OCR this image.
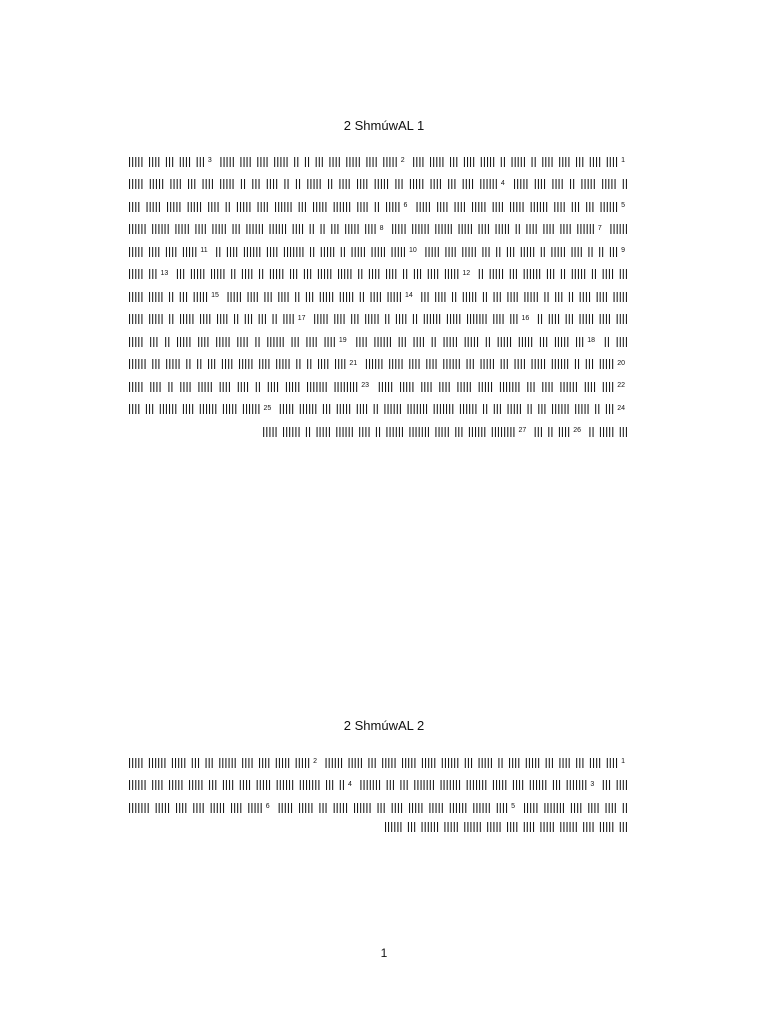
2 ShmúwAL 1
$^1$ꟾꟾꟾꟾ ꟾꟾꟾꟾꟾ ꟾꟾꟾ ꟾꟾꟾꟾ ꟾꟾꟾꟾꟾ ꟾꟾ ꟾꟾꟾꟾꟾ ꟾꟾ ꟾꟾꟾꟾ ꟾꟾꟾꟾ ꟾꟾꟾ ꟾꟾꟾꟾ ꟾꟾꟾꟾ $^2$ꟾꟾꟾꟾꟾ ꟾꟾꟾꟾ ꟾꟾꟾꟾ ꟾꟾꟾꟾꟾ ꟾꟾ ꟾꟾ ꟾꟾꟾ ꟾꟾꟾꟾ ꟾꟾꟾꟾꟾ ꟾꟾꟾꟾ ꟾꟾꟾꟾꟾ $^3$ꟾꟾꟾꟾꟾ ꟾꟾꟾꟾ ꟾꟾꟾ ꟾꟾꟾꟾ ꟾꟾꟾ ꟾꟾꟾꟾꟾ ꟾꟾꟾꟾ ꟾꟾꟾꟾ ꟾꟾ ꟾꟾꟾꟾꟾ ꟾꟾꟾꟾꟾ ꟾꟾ $^4$ꟾꟾꟾꟾꟾ ꟾꟾꟾꟾꟾ ꟾꟾꟾꟾ ꟾꟾꟾ ꟾꟾꟾꟾ ꟾꟾꟾꟾꟾ ꟾꟾ ꟾꟾꟾ ꟾꟾꟾꟾ ꟾꟾ ꟾꟾ ꟾꟾꟾꟾꟾ ꟾꟾ ꟾꟾꟾꟾ ꟾꟾꟾꟾ ꟾꟾꟾꟾꟾ ꟾꟾꟾ ꟾꟾꟾꟾꟾ ꟾꟾꟾꟾ ꟾꟾꟾ ꟾꟾꟾꟾ ꟾꟾꟾꟾꟾꟾ $^5$ꟾꟾꟾꟾꟾ ꟾꟾꟾꟾ ꟾꟾꟾꟾ ꟾꟾꟾꟾꟾ ꟾꟾꟾꟾ ꟾꟾꟾꟾꟾ ꟾꟾꟾꟾꟾꟾ ꟾꟾꟾꟾ ꟾꟾꟾ ꟾꟾꟾ ꟾꟾꟾꟾꟾꟾ $^6$ꟾꟾꟾꟾ ꟾꟾꟾꟾꟾ ꟾꟾꟾꟾꟾ ꟾꟾꟾꟾꟾ ꟾꟾꟾꟾ ꟾꟾ ꟾꟾꟾꟾꟾ ꟾꟾꟾꟾ ꟾꟾꟾꟾꟾꟾ ꟾꟾꟾ ꟾꟾꟾꟾꟾ ꟾꟾꟾꟾꟾꟾ ꟾꟾꟾꟾ ꟾꟾ ꟾꟾꟾꟾꟾ ꟾꟾꟾꟾꟾꟾ $^7$ꟾꟾꟾꟾꟾ ꟾꟾꟾꟾꟾꟾ ꟾꟾꟾꟾꟾꟾ ꟾꟾꟾꟾꟾ ꟾꟾꟾꟾ ꟾꟾꟾꟾꟾ ꟾꟾ ꟾꟾꟾꟾ ꟾꟾꟾꟾ ꟾꟾꟾꟾ ꟾꟾꟾꟾꟾꟾ $^8$ꟾꟾꟾꟾꟾꟾ ꟾꟾꟾꟾꟾꟾ ꟾꟾꟾꟾꟾ ꟾꟾꟾꟾ ꟾꟾꟾꟾꟾ ꟾꟾꟾ ꟾꟾꟾꟾꟾꟾ ꟾꟾꟾꟾꟾꟾ ꟾꟾꟾꟾ ꟾꟾ ꟾꟾ ꟾꟾꟾ ꟾꟾꟾꟾꟾ ꟾꟾꟾꟾ $^9$ꟾꟾꟾꟾꟾ ꟾꟾꟾꟾ ꟾꟾꟾꟾꟾ ꟾꟾꟾ ꟾꟾ ꟾꟾꟾ ꟾꟾꟾꟾꟾ ꟾꟾ ꟾꟾꟾꟾꟾ ꟾꟾꟾꟾ ꟾꟾ ꟾꟾ ꟾꟾꟾ $^{10}$ꟾꟾ ꟾꟾꟾꟾ ꟾꟾꟾꟾꟾꟾ ꟾꟾꟾꟾ ꟾꟾꟾꟾꟾꟾꟾ ꟾꟾ ꟾꟾꟾꟾꟾ ꟾꟾ ꟾꟾꟾꟾꟾ ꟾꟾꟾꟾꟾ ꟾꟾꟾꟾꟾ $^{11}$ꟾꟾꟾꟾꟾ ꟾꟾꟾꟾ ꟾꟾꟾꟾ ꟾꟾꟾꟾꟾ ꟾꟾ ꟾꟾꟾꟾꟾ ꟾꟾꟾ ꟾꟾꟾꟾꟾꟾ ꟾꟾꟾ ꟾꟾ ꟾꟾꟾꟾꟾ ꟾꟾ ꟾꟾꟾꟾ ꟾꟾꟾ $^{12}$ꟾꟾꟾ ꟾꟾꟾꟾꟾ ꟾꟾꟾꟾꟾ ꟾꟾ ꟾꟾꟾꟾ ꟾꟾ ꟾꟾꟾꟾꟾ ꟾꟾꟾ ꟾꟾꟾ ꟾꟾꟾꟾꟾ ꟾꟾꟾꟾꟾ ꟾꟾ ꟾꟾꟾꟾ ꟾꟾꟾꟾ ꟾꟾ ꟾꟾꟾ ꟾꟾꟾꟾ ꟾꟾꟾꟾꟾ $^{13}$ꟾꟾꟾꟾꟾ ꟾꟾꟾ ꟾꟾꟾ ꟾꟾꟾꟾ ꟾꟾ ꟾꟾꟾꟾꟾ ꟾꟾ ꟾꟾꟾ ꟾꟾꟾꟾ ꟾꟾꟾꟾꟾ ꟾꟾ ꟾꟾꟾ ꟾꟾ ꟾꟾꟾꟾ ꟾꟾꟾꟾ ꟾꟾꟾꟾꟾ $^{14}$ꟾꟾꟾꟾꟾ ꟾꟾꟾꟾ ꟾꟾꟾ ꟾꟾꟾꟾ ꟾꟾ ꟾꟾꟾ ꟾꟾꟾꟾꟾ ꟾꟾꟾꟾꟾ ꟾꟾ ꟾꟾꟾꟾ ꟾꟾꟾꟾꟾ $^{15}$ꟾꟾꟾꟾꟾ ꟾꟾꟾꟾꟾ ꟾꟾ ꟾꟾꟾ ꟾꟾꟾꟾꟾ ꟾꟾ ꟾꟾꟾꟾ ꟾꟾꟾ ꟾꟾꟾꟾꟾ ꟾꟾꟾꟾ ꟾꟾꟾꟾ $^{16}$ꟾꟾꟾꟾꟾ ꟾꟾꟾꟾ ꟾꟾꟾ ꟾꟾꟾꟾꟾ ꟾꟾ ꟾꟾꟾꟾ ꟾꟾ ꟾꟾꟾꟾꟾꟾ ꟾꟾꟾꟾꟾ ꟾꟾꟾꟾꟾꟾꟾ ꟾꟾꟾꟾ ꟾꟾꟾ $^{17}$ꟾꟾꟾꟾꟾ ꟾꟾꟾꟾꟾ ꟾꟾ ꟾꟾꟾꟾꟾ ꟾꟾꟾꟾ ꟾꟾꟾꟾ ꟾꟾ ꟾꟾꟾ ꟾꟾꟾ ꟾꟾ ꟾꟾꟾꟾ ꟾꟾ ꟾꟾꟾꟾ $^{18}$ꟾꟾꟾꟾ ꟾꟾꟾꟾꟾꟾ ꟾꟾꟾ ꟾꟾꟾꟾ ꟾꟾ ꟾꟾꟾꟾꟾ ꟾꟾꟾꟾꟾ ꟾꟾ ꟾꟾꟾꟾꟾ ꟾꟾꟾꟾꟾ ꟾꟾꟾ ꟾꟾꟾꟾꟾ ꟾꟾꟾ $^{19}$ꟾꟾꟾꟾꟾ ꟾꟾꟾ ꟾꟾ ꟾꟾꟾꟾꟾ ꟾꟾꟾꟾ ꟾꟾꟾꟾꟾ ꟾꟾꟾꟾ ꟾꟾ ꟾꟾꟾꟾꟾꟾ ꟾꟾꟾ ꟾꟾꟾꟾ ꟾꟾꟾꟾ $^{20}$ꟾꟾꟾꟾꟾꟾ ꟾꟾꟾꟾꟾ ꟾꟾꟾꟾ ꟾꟾꟾꟾ ꟾꟾꟾꟾꟾꟾ ꟾꟾꟾ ꟾꟾꟾꟾꟾ ꟾꟾꟾ ꟾꟾꟾꟾ ꟾꟾꟾꟾꟾ ꟾꟾꟾꟾꟾꟾ ꟾꟾ ꟾꟾꟾ ꟾꟾꟾꟾꟾ $^{21}$ꟾꟾꟾꟾꟾꟾ ꟾꟾꟾ ꟾꟾꟾꟾꟾ ꟾꟾ ꟾꟾ ꟾꟾꟾ ꟾꟾꟾꟾ ꟾꟾꟾꟾꟾ ꟾꟾꟾꟾ ꟾꟾꟾꟾꟾ ꟾꟾ ꟾꟾ ꟾꟾꟾꟾ ꟾꟾꟾꟾ $^{22}$ꟾꟾꟾꟾꟾ ꟾꟾꟾꟾꟾ ꟾꟾꟾꟾ ꟾꟾꟾꟾ ꟾꟾꟾꟾꟾ ꟾꟾꟾꟾꟾ ꟾꟾꟾꟾꟾꟾꟾ ꟾꟾꟾ ꟾꟾꟾꟾ ꟾꟾꟾꟾꟾꟾ ꟾꟾꟾꟾ ꟾꟾꟾꟾ $^{23}$ꟾꟾꟾꟾꟾ ꟾꟾꟾꟾ ꟾꟾ ꟾꟾꟾꟾ ꟾꟾꟾꟾꟾ ꟾꟾꟾꟾ ꟾꟾꟾꟾ ꟾꟾ ꟾꟾꟾꟾ ꟾꟾꟾꟾꟾ ꟾꟾꟾꟾꟾꟾꟾ ꟾꟾꟾꟾꟾꟾꟾꟾ $^{24}$ꟾꟾꟾꟾꟾ ꟾꟾꟾꟾꟾꟾ ꟾꟾꟾ ꟾꟾꟾꟾꟾ ꟾꟾꟾꟾ ꟾꟾ ꟾꟾꟾꟾꟾꟾ ꟾꟾꟾꟾꟾꟾꟾ ꟾꟾꟾꟾꟾꟾꟾ ꟾꟾꟾꟾꟾꟾ ꟾꟾ ꟾꟾꟾ ꟾꟾꟾꟾꟾ ꟾꟾ ꟾꟾꟾ ꟾꟾꟾꟾꟾꟾ ꟾꟾꟾꟾꟾ ꟾꟾ ꟾꟾꟾ $^{25}$ꟾꟾꟾꟾ ꟾꟾꟾ ꟾꟾꟾꟾꟾꟾ ꟾꟾꟾꟾ ꟾꟾꟾꟾꟾꟾ ꟾꟾꟾꟾꟾ ꟾꟾꟾꟾꟾꟾ ꟾꟾ ꟾꟾꟾꟾꟾ ꟾꟾꟾ $^{26}$ꟾꟾꟾ ꟾꟾ ꟾꟾꟾꟾ $^{27}$ꟾꟾꟾꟾꟾ ꟾꟾꟾꟾꟾꟾ ꟾꟾ ꟾꟾꟾꟾꟾ ꟾꟾꟾꟾꟾꟾ ꟾꟾꟾꟾ ꟾꟾ ꟾꟾꟾꟾꟾꟾ ꟾꟾꟾꟾꟾꟾꟾ ꟾꟾꟾꟾꟾ ꟾꟾꟾ ꟾꟾꟾꟾꟾꟾ ꟾꟾꟾꟾꟾꟾꟾꟾ
2 ShmúwAL 2
$^1$ꟾꟾꟾꟾꟾꟾ ꟾꟾꟾꟾꟾ ꟾꟾꟾ ꟾꟾꟾꟾꟾ ꟾꟾꟾꟾꟾ ꟾꟾꟾꟾꟾ ꟾꟾꟾꟾꟾꟾ ꟾꟾꟾ ꟾꟾꟾꟾꟾ ꟾꟾ ꟾꟾꟾꟾ ꟾꟾꟾꟾꟾ ꟾꟾꟾ ꟾꟾꟾꟾ ꟾꟾꟾ ꟾꟾꟾꟾ ꟾꟾꟾꟾ $^2$ꟾꟾꟾꟾꟾ ꟾꟾꟾꟾꟾꟾ ꟾꟾꟾꟾꟾ ꟾꟾꟾ ꟾꟾꟾ ꟾꟾꟾꟾꟾꟾ ꟾꟾꟾꟾ ꟾꟾꟾꟾ ꟾꟾꟾꟾꟾ ꟾꟾꟾꟾꟾ ꟾꟾꟾ ꟾꟾꟾꟾ $^3$ꟾꟾꟾꟾꟾꟾꟾ ꟾꟾꟾ ꟾꟾꟾ ꟾꟾꟾꟾꟾꟾꟾ ꟾꟾꟾꟾꟾꟾꟾ ꟾꟾꟾꟾꟾꟾꟾ ꟾꟾꟾꟾꟾ ꟾꟾꟾꟾ ꟾꟾꟾꟾꟾꟾ ꟾꟾꟾ ꟾꟾꟾꟾꟾꟾꟾ $^4$ꟾꟾꟾꟾꟾꟾ ꟾꟾꟾꟾ ꟾꟾꟾꟾꟾ ꟾꟾꟾꟾꟾ ꟾꟾꟾ ꟾꟾꟾꟾ ꟾꟾꟾꟾ ꟾꟾꟾꟾꟾ ꟾꟾꟾꟾꟾꟾ ꟾꟾꟾꟾꟾꟾꟾ ꟾꟾꟾ ꟾꟾ ꟾꟾꟾꟾꟾ ꟾꟾꟾꟾꟾꟾꟾ ꟾꟾꟾꟾ ꟾꟾꟾꟾ ꟾꟾꟾꟾ ꟾꟾ $^5$ꟾꟾꟾꟾꟾ ꟾꟾꟾꟾꟾ ꟾꟾꟾ ꟾꟾꟾꟾꟾ ꟾꟾꟾꟾꟾꟾ ꟾꟾꟾ ꟾꟾꟾꟾ ꟾꟾꟾꟾꟾ ꟾꟾꟾꟾꟾ ꟾꟾꟾꟾꟾꟾ ꟾꟾꟾꟾꟾꟾ ꟾꟾꟾꟾ $^6$ꟾꟾꟾꟾꟾꟾꟾ ꟾꟾꟾꟾꟾ ꟾꟾꟾꟾ ꟾꟾꟾꟾ ꟾꟾꟾꟾꟾ ꟾꟾꟾꟾ ꟾꟾꟾꟾꟾ ꟾꟾꟾꟾꟾꟾ ꟾꟾꟾ ꟾꟾꟾꟾꟾꟾ ꟾꟾꟾꟾꟾ ꟾꟾꟾꟾꟾꟾ ꟾꟾꟾꟾꟾ ꟾꟾꟾꟾ ꟾꟾꟾꟾ ꟾꟾꟾꟾꟾ ꟾꟾꟾꟾꟾꟾ ꟾꟾꟾꟾ ꟾꟾꟾꟾꟾ ꟾꟾꟾ
1
